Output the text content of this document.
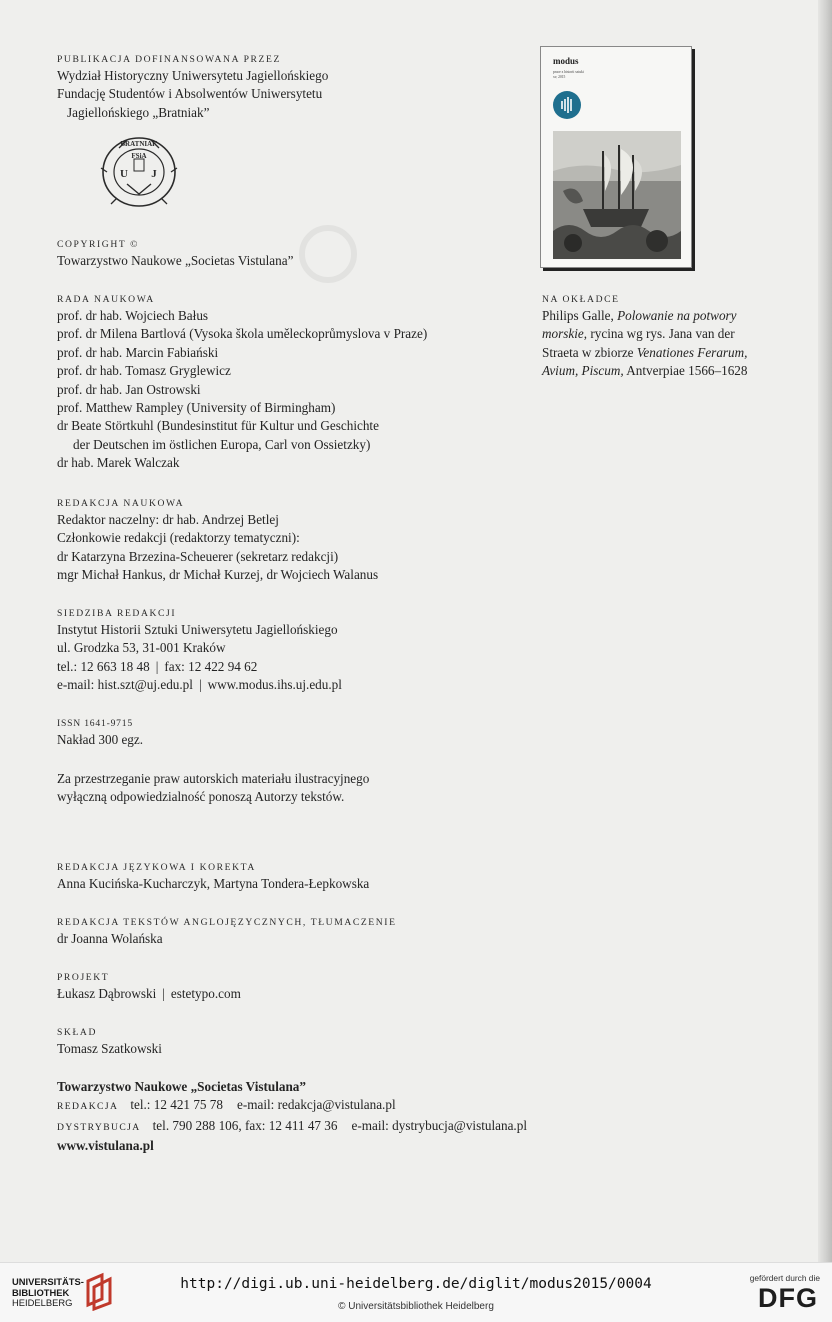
PUBLIKACJA DOFINANSOWANA PRZEZ
Wydział Historyczny Uniwersytetu Jagiellońskiego
Fundację Studentów i Absolwentów Uniwersytetu
Jagiellońskiego „Bratniak”
BRATNIAK
FSiA
U J
COPYRIGHT ©
Towarzystwo Naukowe „Societas Vistulana”
RADA NAUKOWA
prof. dr hab. Wojciech Bałus
prof. dr Milena Bartlová (Vysoka škola uměleckoprůmyslova v Praze)
prof. dr hab. Marcin Fabiański
prof. dr hab. Tomasz Gryglewicz
prof. dr hab. Jan Ostrowski
prof. Matthew Rampley (University of Birmingham)
dr Beate Störtkuhl (Bundesinstitut für Kultur und Geschichte
der Deutschen im östlichen Europa, Carl von Ossietzky)
dr hab. Marek Walczak
REDAKCJA NAUKOWA
Redaktor naczelny: dr hab. Andrzej Betlej
Członkowie redakcji (redaktorzy tematyczni):
dr Katarzyna Brzezina-Scheuerer (sekretarz redakcji)
mgr Michał Hankus, dr Michał Kurzej, dr Wojciech Walanus
SIEDZIBA REDAKCJI
Instytut Historii Sztuki Uniwersytetu Jagiellońskiego
ul. Grodzka 53, 31-001 Kraków
tel.: 12 663 18 48 | fax: 12 422 94 62
e-mail: hist.szt@uj.edu.pl | www.modus.ihs.uj.edu.pl
ISSN 1641-9715
Nakład 300 egz.
Za przestrzeganie praw autorskich materiału ilustracyjnego
wyłączną odpowiedzialność ponoszą Autorzy tekstów.
REDAKCJA JĘZYKOWA I KOREKTA
Anna Kucińska-Kucharczyk, Martyna Tondera-Łepkowska
REDAKCJA TEKSTÓW ANGLOJĘZYCZNYCH, TŁUMACZENIE
dr Joanna Wolańska
PROJEKT
Łukasz Dąbrowski | estetypo.com
SKŁAD
Tomasz Szatkowski
Towarzystwo Naukowe „Societas Vistulana”
REDAKCJA tel.: 12 421 75 78 e-mail: redakcja@vistulana.pl
DYSTRYBUCJA tel. 790 288 106, fax: 12 411 47 36 e-mail: dystrybucja@vistulana.pl
www.vistulana.pl
modus
prace z historii sztuki
xv, 2015
NA OKŁADCE
Philips Galle, Polowanie na potwory
morskie, rycina wg rys. Jana van der
Straeta w zbiorze Venationes Ferarum,
Avium, Piscum, Antverpiae 1566–1628
UNIVERSITÄTS-
BIBLIOTHEK
HEIDELBERG
http://digi.ub.uni-heidelberg.de/diglit/modus2015/0004
© Universitätsbibliothek Heidelberg
gefördert durch die
DFG
